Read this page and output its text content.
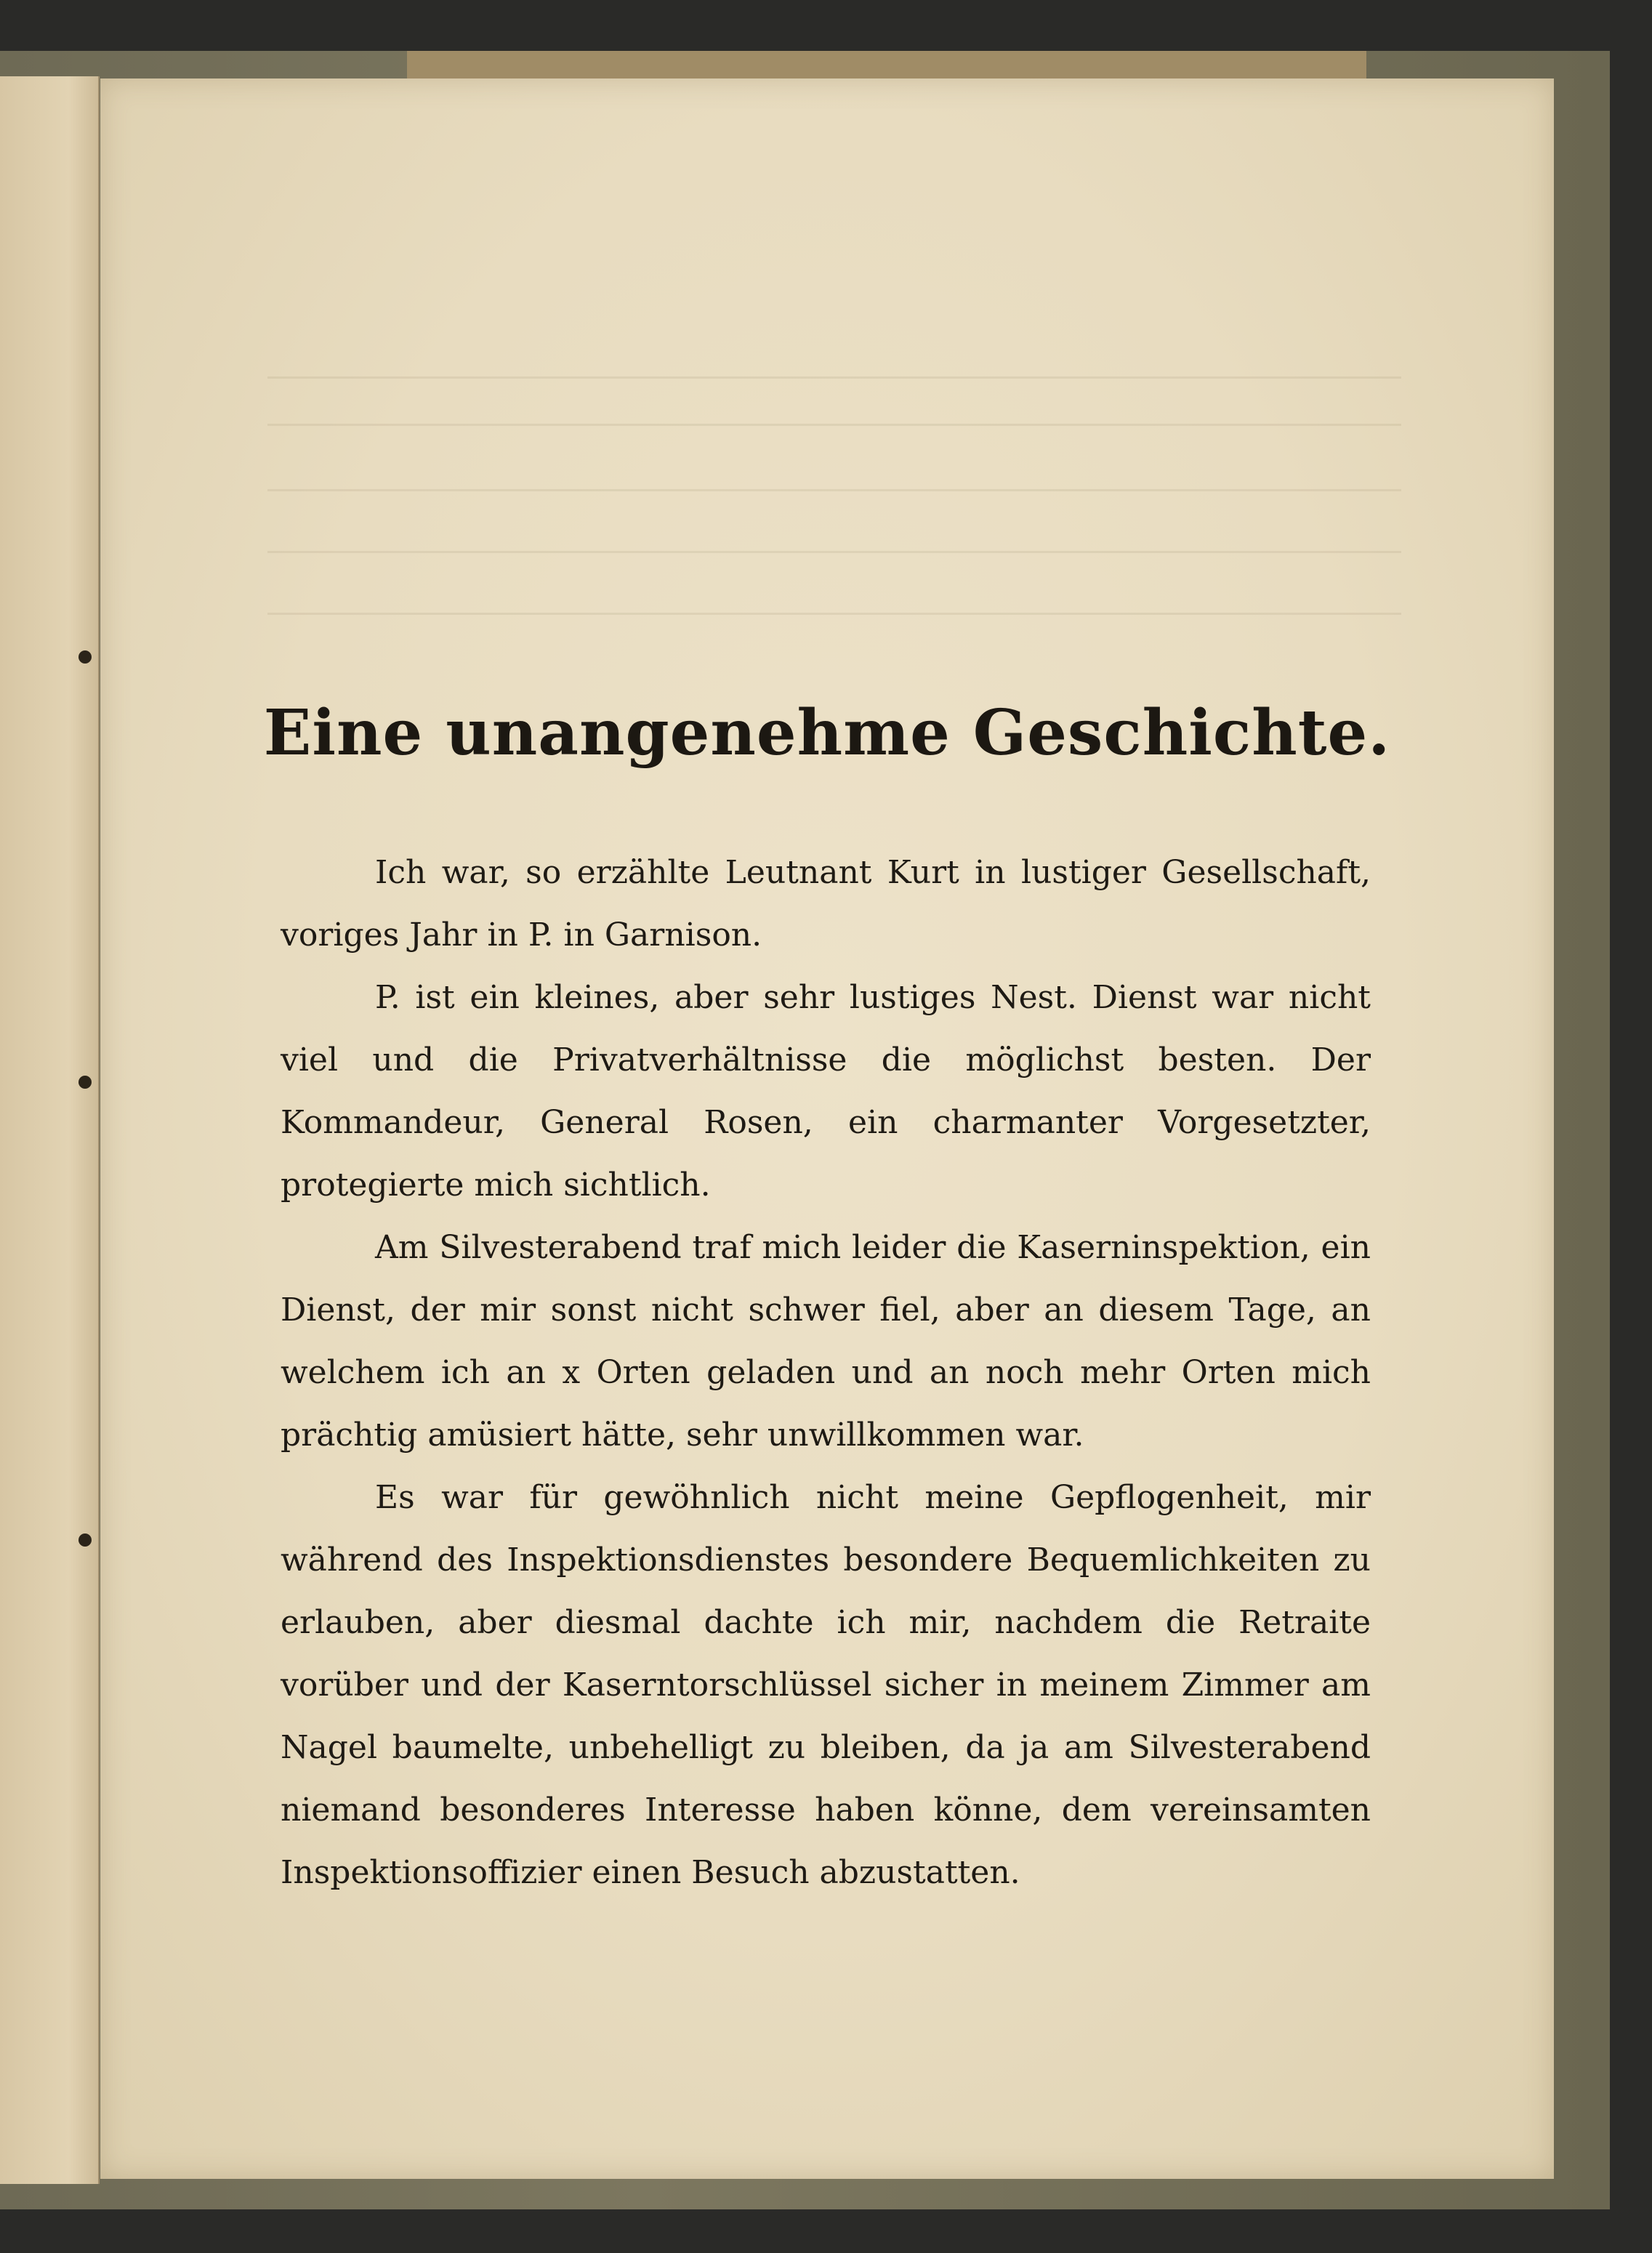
Eine unangenehme Geschichte.

Ich war, so erzählte Leutnant Kurt in lustiger Gesellschaft, voriges Jahr in P. in Garnison.

P. ist ein kleines, aber sehr lustiges Nest. Dienst war nicht viel und die Privatverhältnisse die möglichst besten. Der Kommandeur, General Rosen, ein charmanter Vorgesetzter, protegierte mich sichtlich.

Am Silvesterabend traf mich leider die Kaserninspektion, ein Dienst, der mir sonst nicht schwer fiel, aber an diesem Tage, an welchem ich an x Orten geladen und an noch mehr Orten mich prächtig amüsiert hätte, sehr unwillkommen war.

Es war für gewöhnlich nicht meine Gepflogenheit, mir während des Inspektionsdienstes besondere Bequemlichkeiten zu erlauben, aber diesmal dachte ich mir, nachdem die Retraite vorüber und der Kaserntorschlüssel sicher in meinem Zimmer am Nagel baumelte, unbehelligt zu bleiben, da ja am Silvesterabend niemand besonderes Interesse haben könne, dem vereinsamten Inspektionsoffizier einen Besuch abzustatten.
